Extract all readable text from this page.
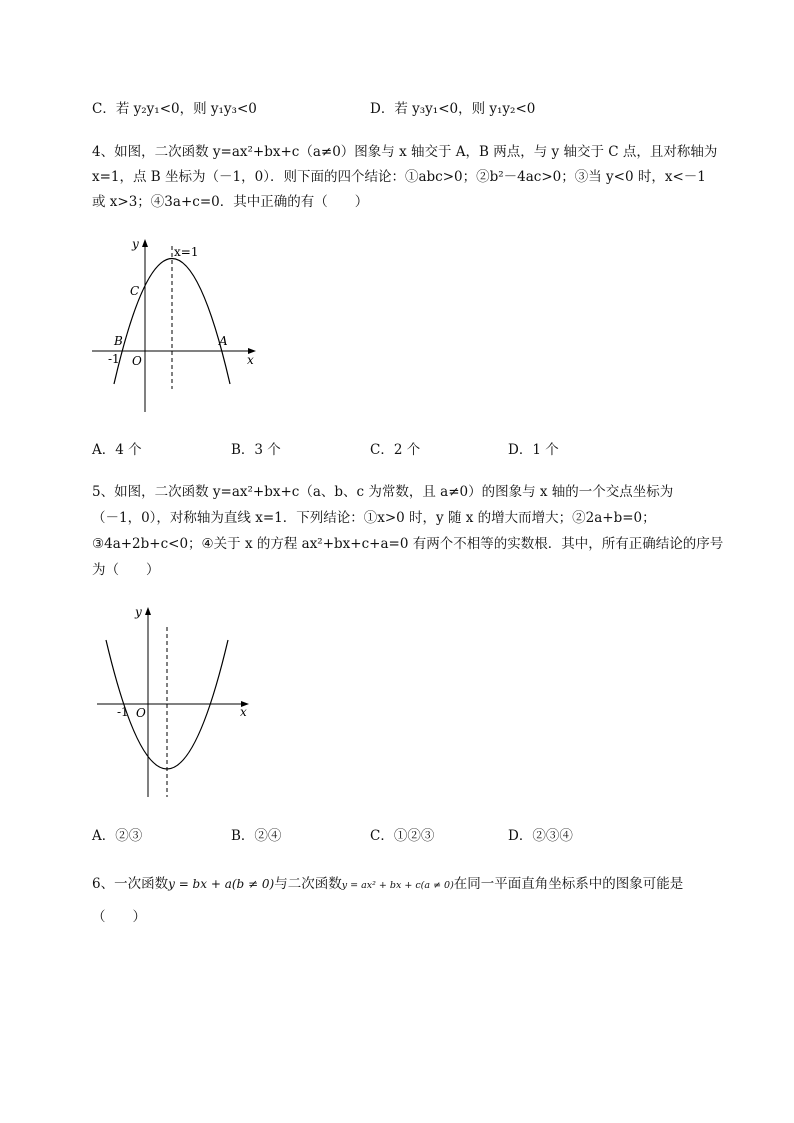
C．若 y₂y₁<0，则 y₁y₃<0	D．若 y₃y₁<0，则 y₁y₂<0
4、如图，二次函数 y=ax²+bx+c（a≠0）图象与 x 轴交于 A，B 两点，与 y 轴交于 C 点，且对称轴为
x=1，点 B 坐标为（－1，0）．则下面的四个结论：①abc>0；②b²－4ac>0；③当 y<0 时，x<－1
或 x>3；④3a+c=0．其中正确的有（　　）
y
x=1
C
B	A
x
-1 O
A．4 个	B．3 个	C．2 个	D．1 个
5、如图，二次函数 y=ax²+bx+c（a、b、c 为常数，且 a≠0）的图象与 x 轴的一个交点坐标为
（－1，0），对称轴为直线 x=1．下列结论：①x>0 时，y 随 x 的增大而增大；②2a+b=0；
③4a+2b+c<0；④关于 x 的方程 ax²+bx+c+a=0 有两个不相等的实数根．其中，所有正确结论的序号
为（　　）
y
x
-1 O
A．②③	B．②④	C．①②③	D．②③④
6、一次函数y = bx + a(b ≠ 0)与二次函数y = ax² + bx + c(a ≠ 0)在同一平面直角坐标系中的图象可能是
（　　）
